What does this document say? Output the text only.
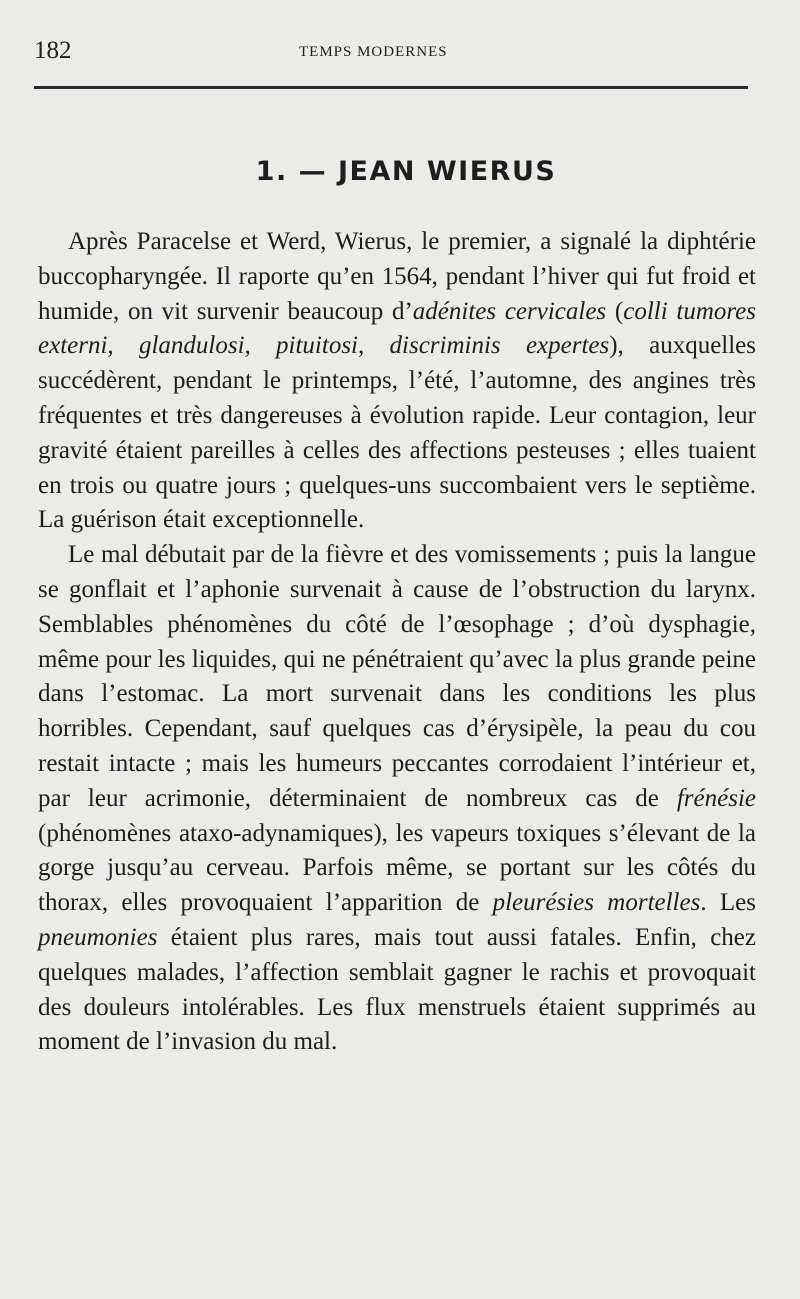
182	TEMPS MODERNES
1. — JEAN WIERUS

Après Paracelse et Werd, Wierus, le premier, a signalé la diphtérie buccopharyngée. Il raporte qu’en 1564, pendant l’hiver qui fut froid et humide, on vit survenir beaucoup d’adénites cervicales (colli tumores externi, glandulosi, pituitosi, discriminis expertes), auxquelles succédèrent, pendant le printemps, l’été, l’automne, des angines très fréquentes et très dangereuses à évolution rapide. Leur contagion, leur gravité étaient pareilles à celles des affections pesteuses ; elles tuaient en trois ou quatre jours ; quelques-uns succombaient vers le septième. La guérison était exceptionnelle.

Le mal débutait par de la fièvre et des vomissements ; puis la langue se gonflait et l’aphonie survenait à cause de l’obstruction du larynx. Semblables phénomènes du côté de l’œsophage ; d’où dysphagie, même pour les liquides, qui ne pénétraient qu’avec la plus grande peine dans l’estomac. La mort survenait dans les conditions les plus horribles. Cependant, sauf quelques cas d’érysipèle, la peau du cou restait intacte ; mais les humeurs peccantes corrodaient l’intérieur et, par leur acrimonie, déterminaient de nombreux cas de frénésie (phénomènes ataxo-adynamiques), les vapeurs toxiques s’élevant de la gorge jusqu’au cerveau. Parfois même, se portant sur les côtés du thorax, elles provoquaient l’apparition de pleurésies mortelles. Les pneumonies étaient plus rares, mais tout aussi fatales. Enfin, chez quelques malades, l’affection semblait gagner le rachis et provoquait des douleurs intolérables. Les flux menstruels étaient supprimés au moment de l’invasion du mal.
